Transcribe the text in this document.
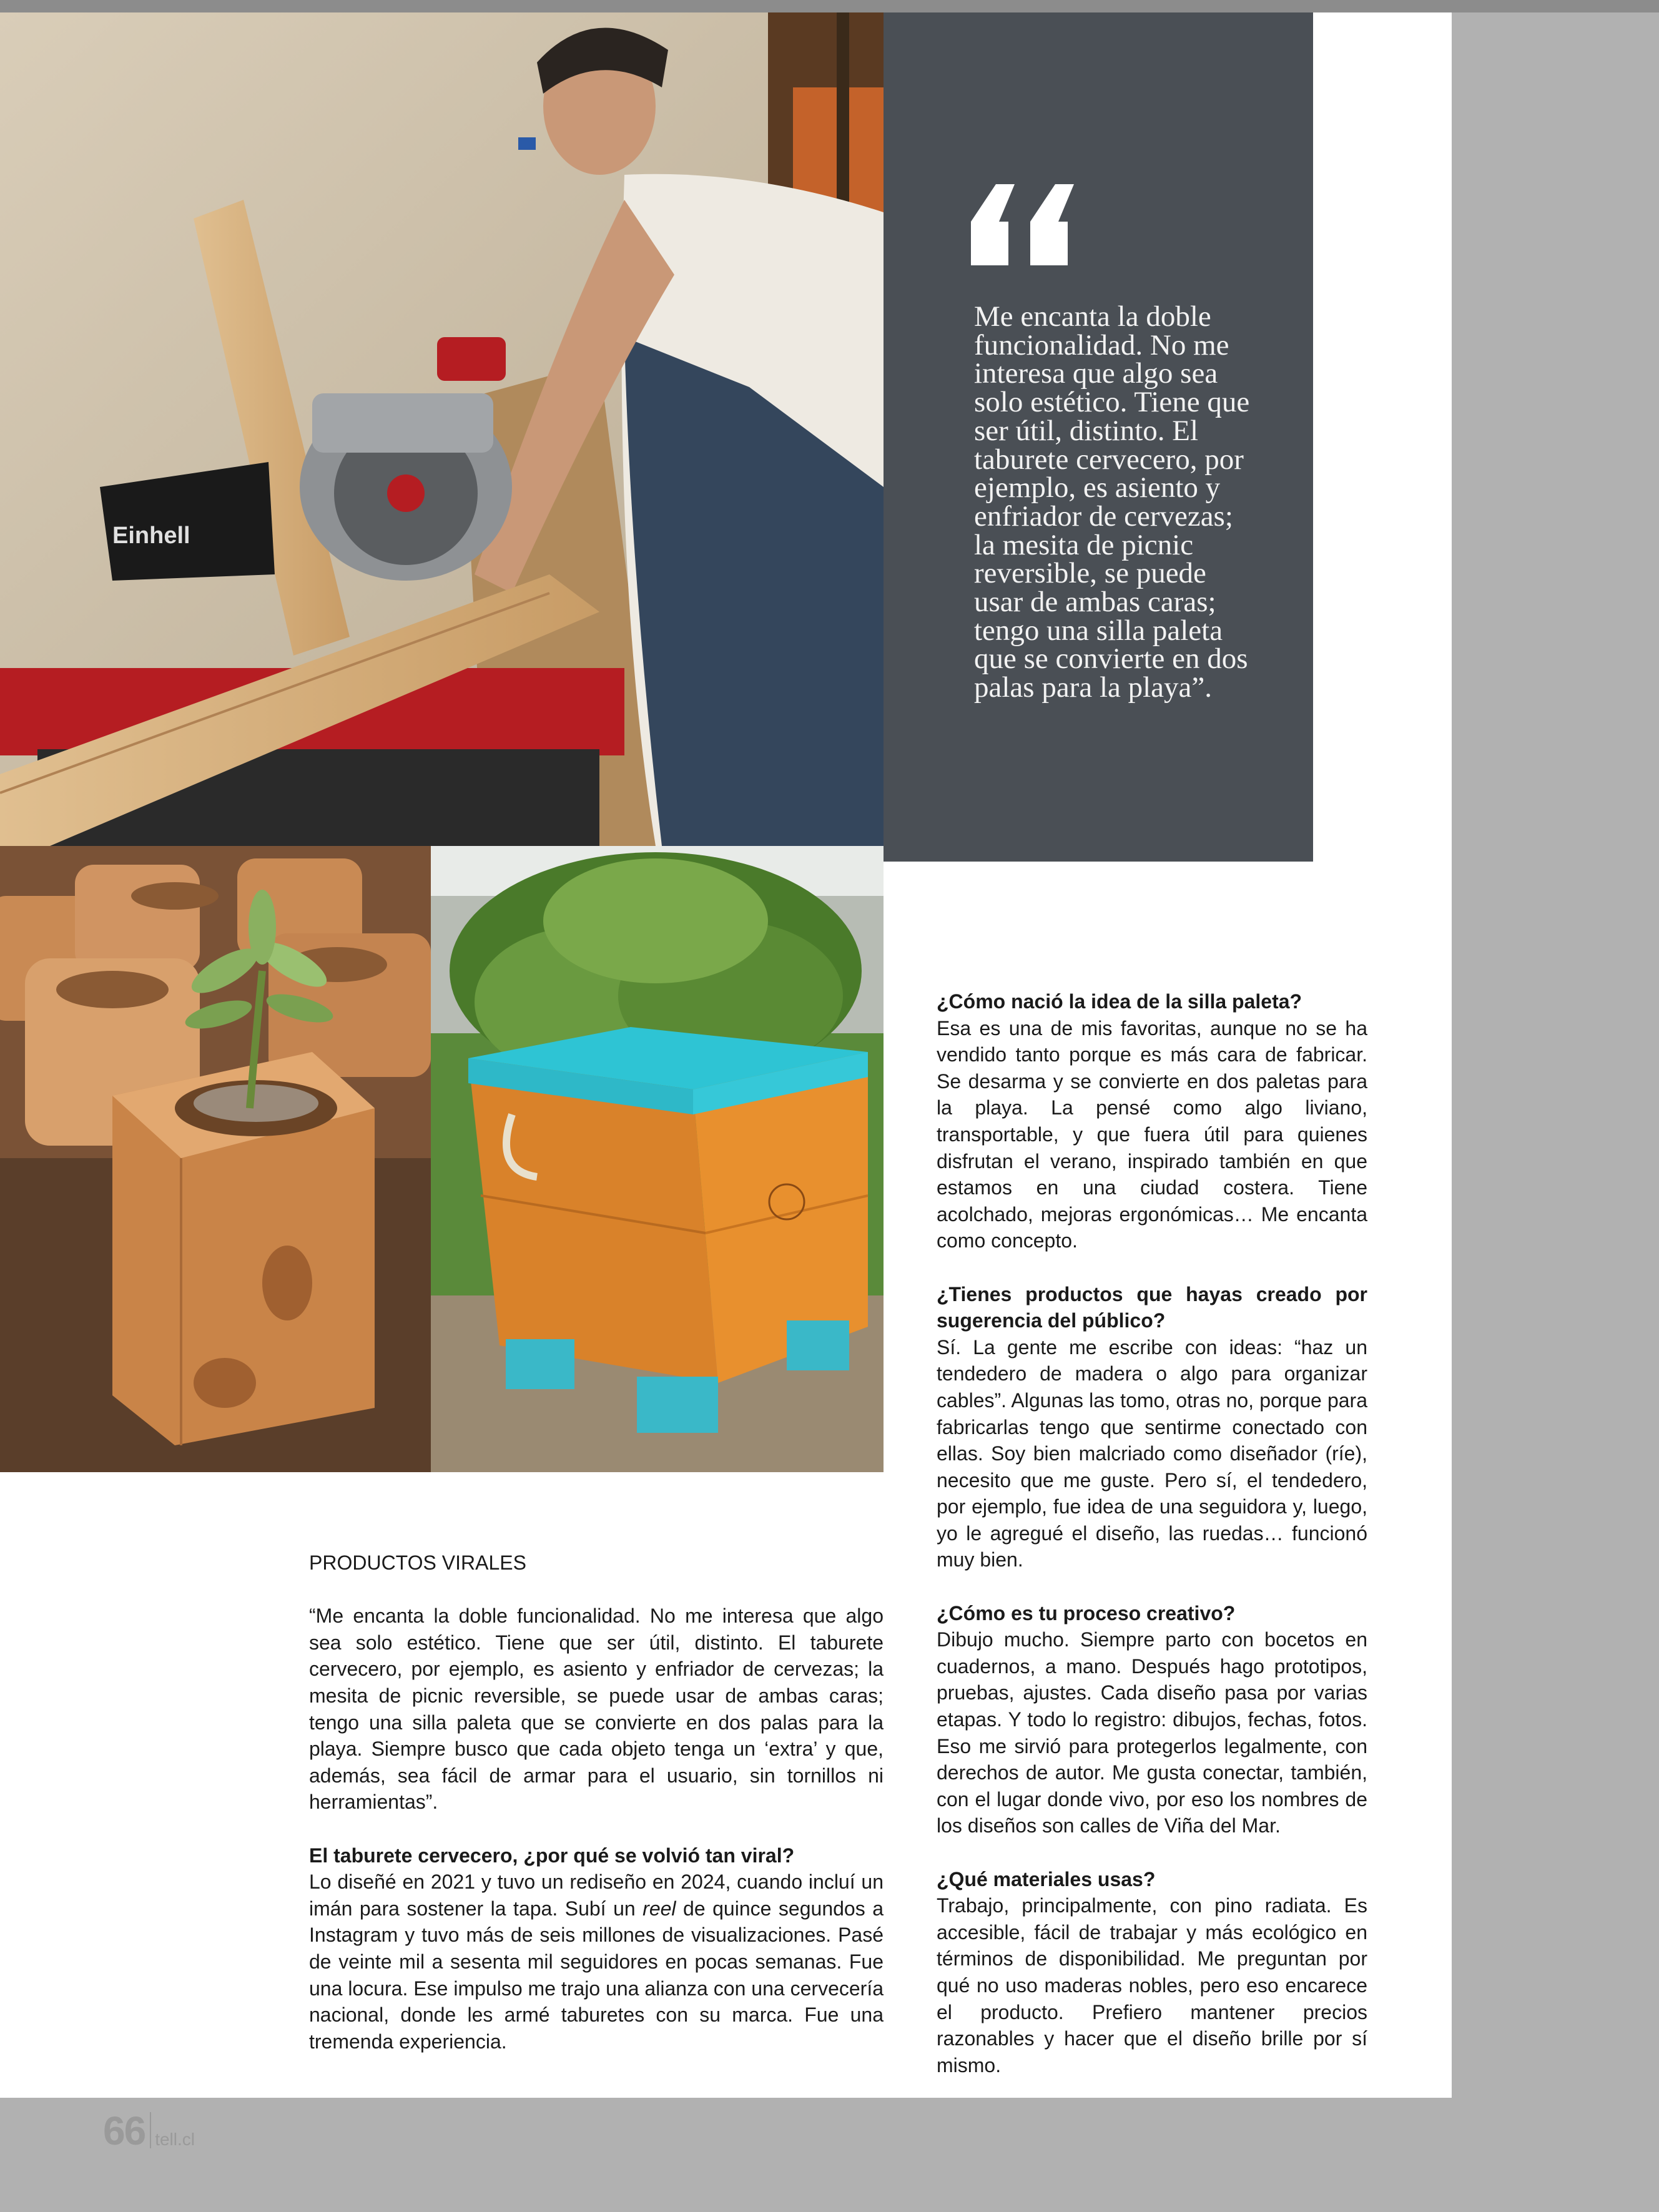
Einhell

Me encanta la doble funcionalidad. No me interesa que algo sea solo estético. Tiene que ser útil, distinto. El taburete cervecero, por ejemplo, es asiento y enfriador de cervezas; la mesita de picnic reversible, se puede usar de ambas caras; tengo una silla paleta que se convierte en dos palas para la playa”.

PRODUCTOS VIRALES

“Me encanta la doble funcionalidad. No me interesa que algo sea solo estético. Tiene que ser útil, distinto. El taburete cervecero, por ejemplo, es asiento y enfriador de cervezas; la mesita de picnic reversible, se puede usar de ambas caras; tengo una silla paleta que se convierte en dos palas para la playa. Siempre busco que cada objeto tenga un ‘extra’ y que, además, sea fácil de armar para el usuario, sin tornillos ni herramientas”.

El taburete cervecero, ¿por qué se volvió tan viral?

Lo diseñé en 2021 y tuvo un rediseño en 2024, cuando incluí un imán para sostener la tapa. Subí un reel de quince segundos a Instagram y tuvo más de seis millones de visualizaciones. Pasé de veinte mil a sesenta mil seguidores en pocas semanas. Fue una locura. Ese impulso me trajo una alianza con una cervecería nacional, donde les armé taburetes con su marca. Fue una tremenda experiencia.

¿Cómo nació la idea de la silla paleta?

Esa es una de mis favoritas, aunque no se ha vendido tanto porque es más cara de fabricar. Se desarma y se convierte en dos paletas para la playa. La pensé como algo liviano, transportable, y que fuera útil para quienes disfrutan el verano, inspirado también en que estamos en una ciudad costera. Tiene acolchado, mejoras ergonómicas… Me encanta como concepto.

¿Tienes productos que hayas creado por sugerencia del público?

Sí. La gente me escribe con ideas: “haz un tendedero de madera o algo para organizar cables”. Algunas las tomo, otras no, porque para fabricarlas tengo que sentirme conectado con ellas. Soy bien malcriado como diseñador (ríe), necesito que me guste. Pero sí, el tendedero, por ejemplo, fue idea de una seguidora y, luego, yo le agregué el diseño, las ruedas… funcionó muy bien.

¿Cómo es tu proceso creativo?

Dibujo mucho. Siempre parto con bocetos en cuadernos, a mano. Después hago prototipos, pruebas, ajustes. Cada diseño pasa por varias etapas. Y todo lo registro: dibujos, fechas, fotos. Eso me sirvió para protegerlos legalmente, con derechos de autor. Me gusta conectar, también, con el lugar donde vivo, por eso los nombres de los diseños son calles de Viña del Mar.

¿Qué materiales usas?

Trabajo, principalmente, con pino radiata. Es accesible, fácil de trabajar y más ecológico en términos de disponibilidad. Me preguntan por qué no uso maderas nobles, pero eso encarece el producto. Prefiero mantener precios razonables y hacer que el diseño brille por sí mismo.

66 tell.cl
